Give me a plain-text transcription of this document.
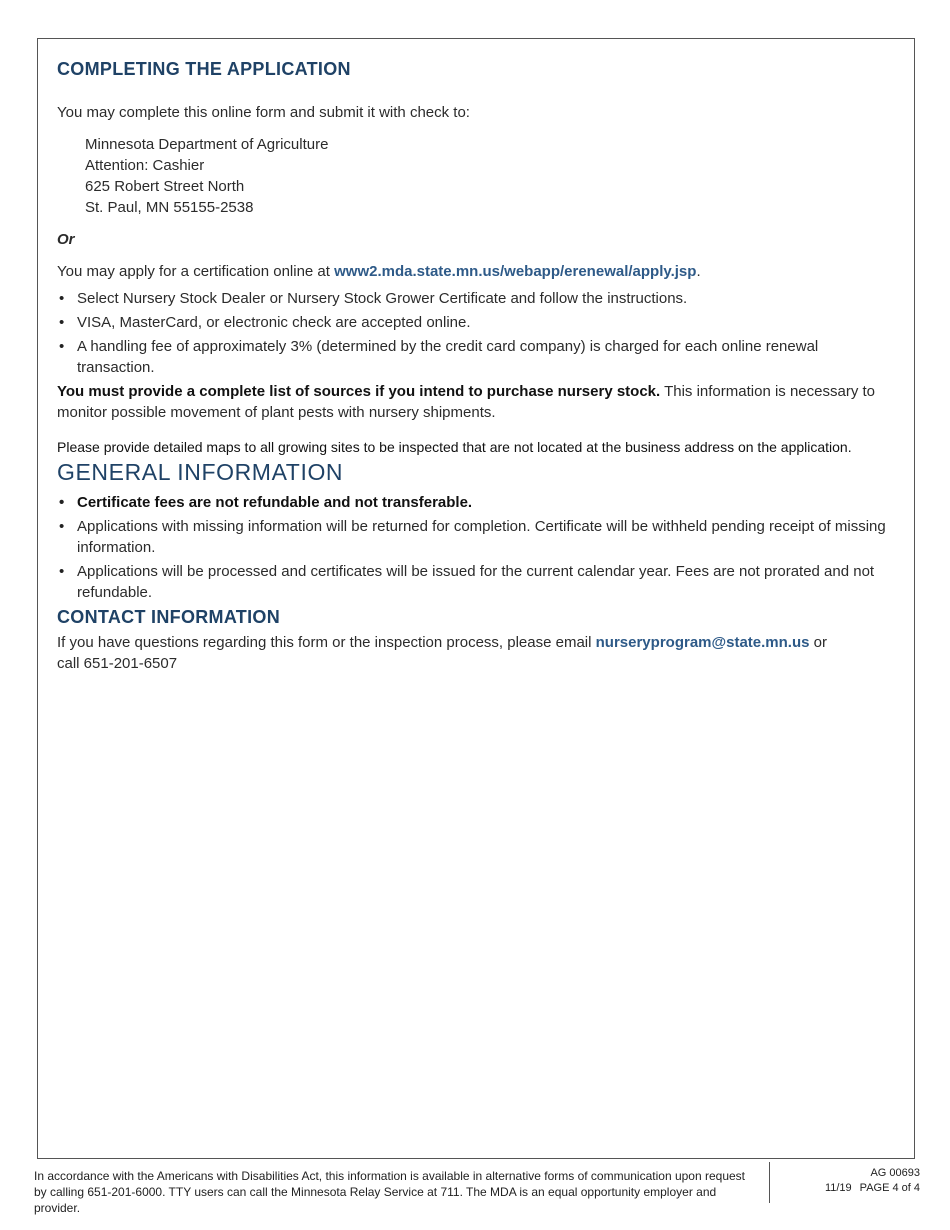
COMPLETING THE APPLICATION

You may complete this online form and submit it with check to:

Minnesota Department of Agriculture
Attention: Cashier
625 Robert Street North
St. Paul, MN 55155-2538

Or

You may apply for a certification online at www2.mda.state.mn.us/webapp/erenewal/apply.jsp.

• Select Nursery Stock Dealer or Nursery Stock Grower Certificate and follow the instructions.
• VISA, MasterCard, or electronic check are accepted online.
• A handling fee of approximately 3% (determined by the credit card company) is charged for each online renewal transaction.

You must provide a complete list of sources if you intend to purchase nursery stock. This information is necessary to monitor possible movement of plant pests with nursery shipments.

Please provide detailed maps to all growing sites to be inspected that are not located at the business address on the application.

GENERAL INFORMATION
• Certificate fees are not refundable and not transferable.
• Applications with missing information will be returned for completion. Certificate will be withheld pending receipt of missing information.
• Applications will be processed and certificates will be issued for the current calendar year. Fees are not prorated and not refundable.
CONTACT INFORMATION

If you have questions regarding this form or the inspection process, please email nurseryprogram@state.mn.us or
call 651-201-6507

In accordance with the Americans with Disabilities Act, this information is available in alternative forms of communication upon request
by calling 651-201-6000. TTY users can call the Minnesota Relay Service at 711. The MDA is an equal opportunity employer and provider.
AG 00693
11/19 PAGE 4 of 4
